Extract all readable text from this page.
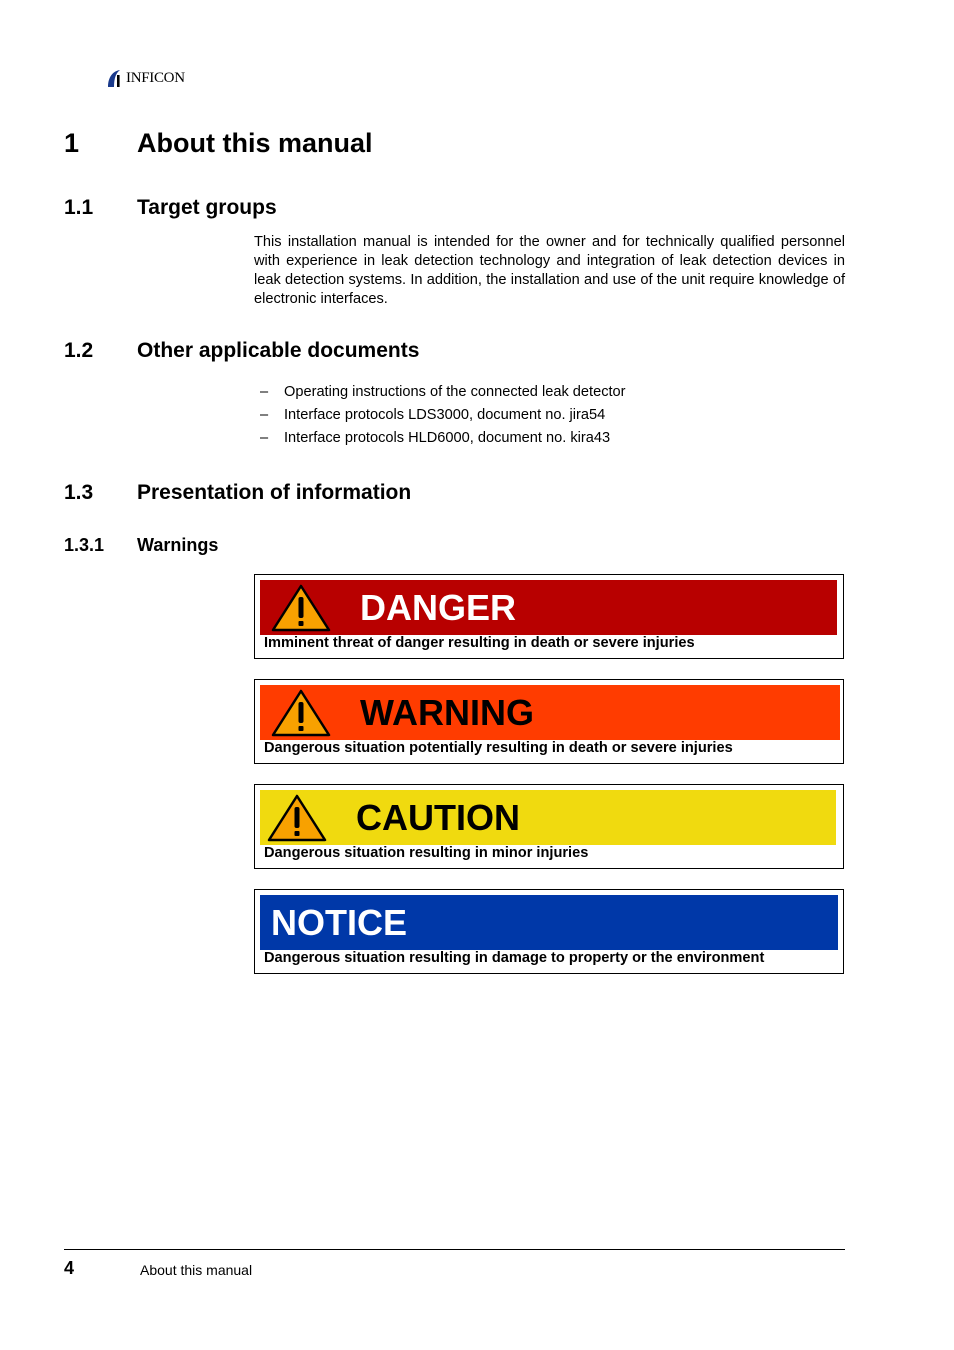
INFICON
1 About this manual
1.1 Target groups

This installation manual is intended for the owner and for technically qualified personnel with experience in leak detection technology and integration of leak detection devices in leak detection systems. In addition, the installation and use of the unit require knowledge of electronic interfaces.

1.2 Other applicable documents
– Operating instructions of the connected leak detector
– Interface protocols LDS3000, document no. jira54
– Interface protocols HLD6000, document no. kira43
1.3 Presentation of information
1.3.1 Warnings
DANGER
Imminent threat of danger resulting in death or severe injuries
WARNING
Dangerous situation potentially resulting in death or severe injuries
CAUTION
Dangerous situation resulting in minor injuries
NOTICE
Dangerous situation resulting in damage to property or the environment
4	About this manual
